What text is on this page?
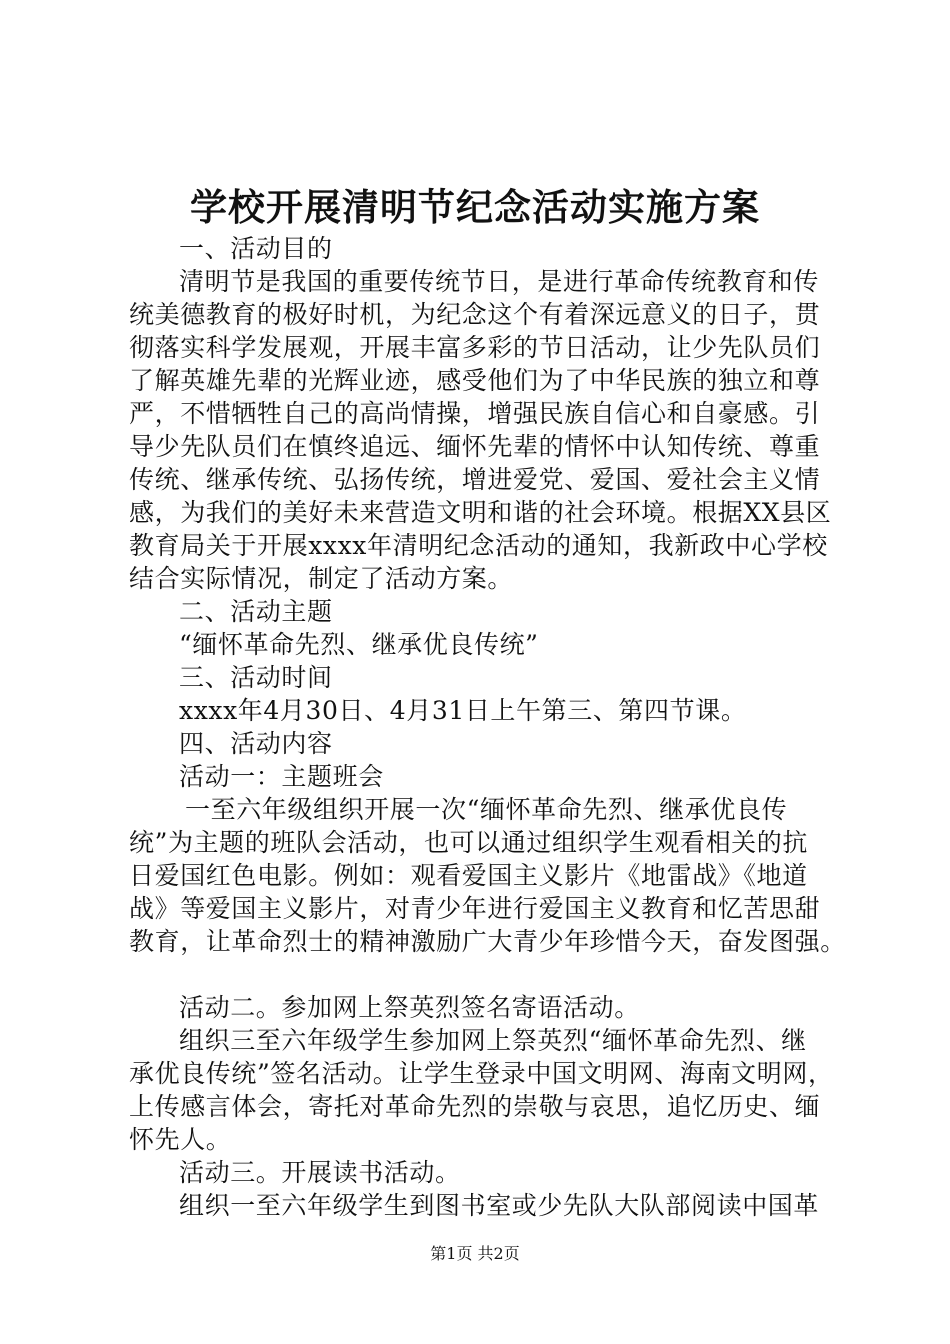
学校开展清明节纪念活动实施方案
一、活动目的
清明节是我国的重要传统节日，是进行革命传统教育和传
统美德教育的极好时机，为纪念这个有着深远意义的日子，贯
彻落实科学发展观，开展丰富多彩的节日活动，让少先队员们
了解英雄先辈的光辉业迹，感受他们为了中华民族的独立和尊
严，不惜牺牲自己的高尚情操，增强民族自信心和自豪感。引
导少先队员们在慎终追远、缅怀先辈的情怀中认知传统、尊重
传统、继承传统、弘扬传统，增进爱党、爱国、爱社会主义情
感，为我们的美好未来营造文明和谐的社会环境。根据XX县区
教育局关于开展xxxx年清明纪念活动的通知，我新政中心学校
结合实际情况，制定了活动方案。
二、活动主题
“缅怀革命先烈、继承优良传统”
三、活动时间
xxxx年4月30日、4月31日上午第三、第四节课。
四、活动内容
活动一：主题班会
一至六年级组织开展一次“缅怀革命先烈、继承优良传
统”为主题的班队会活动，也可以通过组织学生观看相关的抗
日爱国红色电影。例如：观看爱国主义影片《地雷战》《地道
战》等爱国主义影片，对青少年进行爱国主义教育和忆苦思甜
教育，让革命烈士的精神激励广大青少年珍惜今天，奋发图强。
活动二。参加网上祭英烈签名寄语活动。
组织三至六年级学生参加网上祭英烈“缅怀革命先烈、继
承优良传统”签名活动。让学生登录中国文明网、海南文明网，
上传感言体会，寄托对革命先烈的崇敬与哀思，追忆历史、缅
怀先人。
活动三。开展读书活动。
组织一至六年级学生到图书室或少先队大队部阅读中国革
第1页 共2页
